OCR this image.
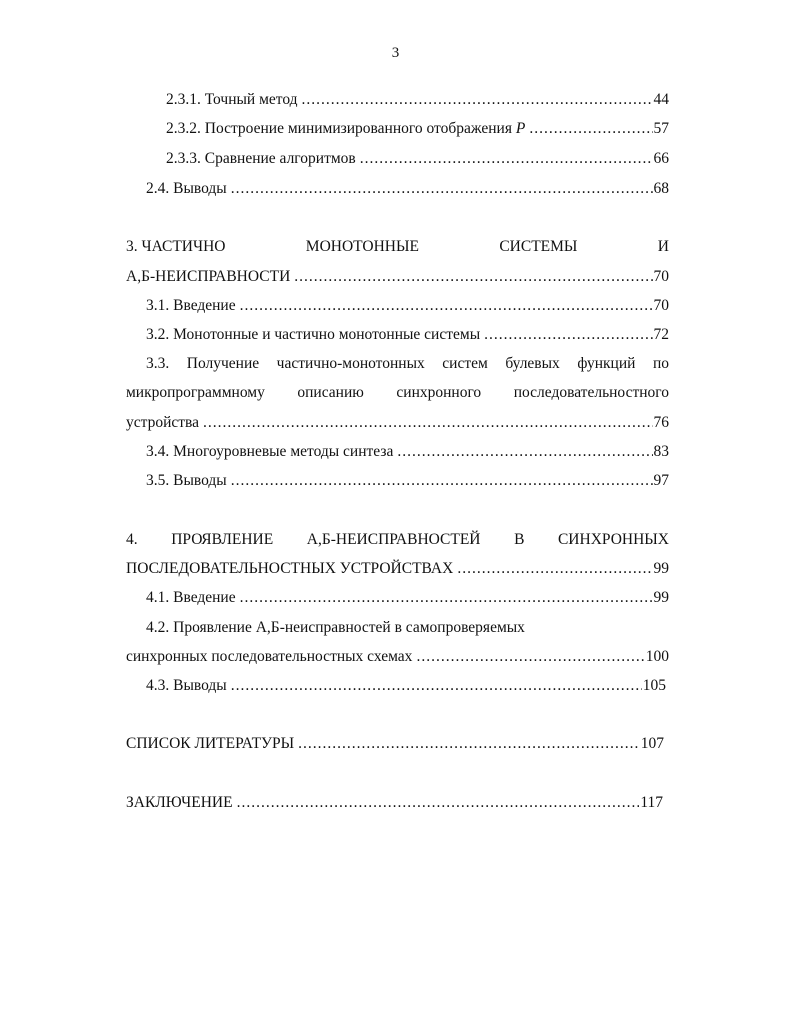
3
2.3.1. Точный метод .....	44
2.3.2. Построение минимизированного отображения P .....	57
2.3.3. Сравнение алгоритмов .....	66
2.4. Выводы .....	68
3. ЧАСТИЧНО	МОНОТОННЫЕ	СИСТЕМЫ	И
А,Б-НЕИСПРАВНОСТИ .....	70
3.1. Введение .....	70
3.2. Монотонные и частично монотонные системы .....	72
3.3. Получение частично-монотонных систем булевых функций по
микропрограммному описанию синхронного последовательностного
устройства .....	76
3.4. Многоуровневые методы синтеза .....	83
3.5. Выводы .....	97
4. ПРОЯВЛЕНИЕ А,Б-НЕИСПРАВНОСТЕЙ В СИНХРОННЫХ
ПОСЛЕДОВАТЕЛЬНОСТНЫХ УСТРОЙСТВАХ .....	99
4.1. Введение .....	99
4.2. Проявление А,Б-неисправностей в самопроверяемых
синхронных последовательностных схемах .....	100
4.3. Выводы .....	105
СПИСОК ЛИТЕРАТУРЫ .....	107
ЗАКЛЮЧЕНИЕ .....	117
